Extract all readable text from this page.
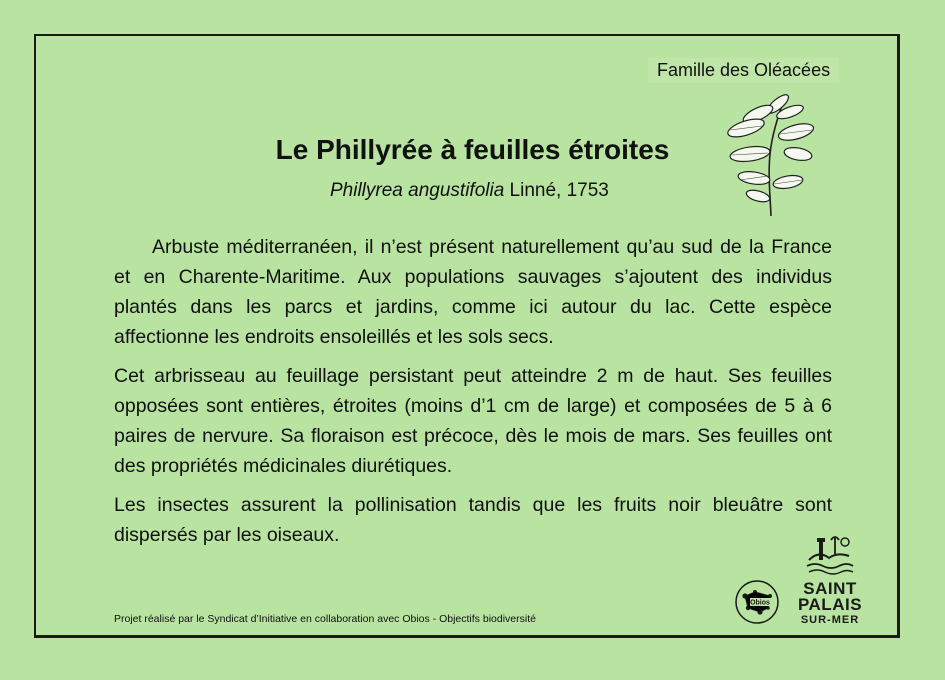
Famille des Oléacées
Le Phillyrée à feuilles étroites
Phillyrea angustifolia Linné, 1753

Arbuste méditerranéen, il n’est présent naturellement qu’au sud de la France et en Charente-Maritime. Aux populations sauvages s’ajoutent des individus plantés dans les parcs et jardins, comme ici autour du lac. Cette espèce affectionne les endroits ensoleillés et les sols secs.

Cet arbrisseau au feuillage persistant peut atteindre 2 m de haut. Ses feuilles opposées sont entières, étroites (moins d’1 cm de large) et composées de 5 à 6 paires de nervure. Sa floraison est précoce, dès le mois de mars. Ses feuilles ont des propriétés médicinales diurétiques.

Les insectes assurent la pollinisation tandis que les fruits noir bleuâtre sont dispersés par les oiseaux.

Projet réalisé par le Syndicat d’Initiative en collaboration avec Obios - Objectifs biodiversité
Obios
SAINT
PALAIS
SUR-MER
